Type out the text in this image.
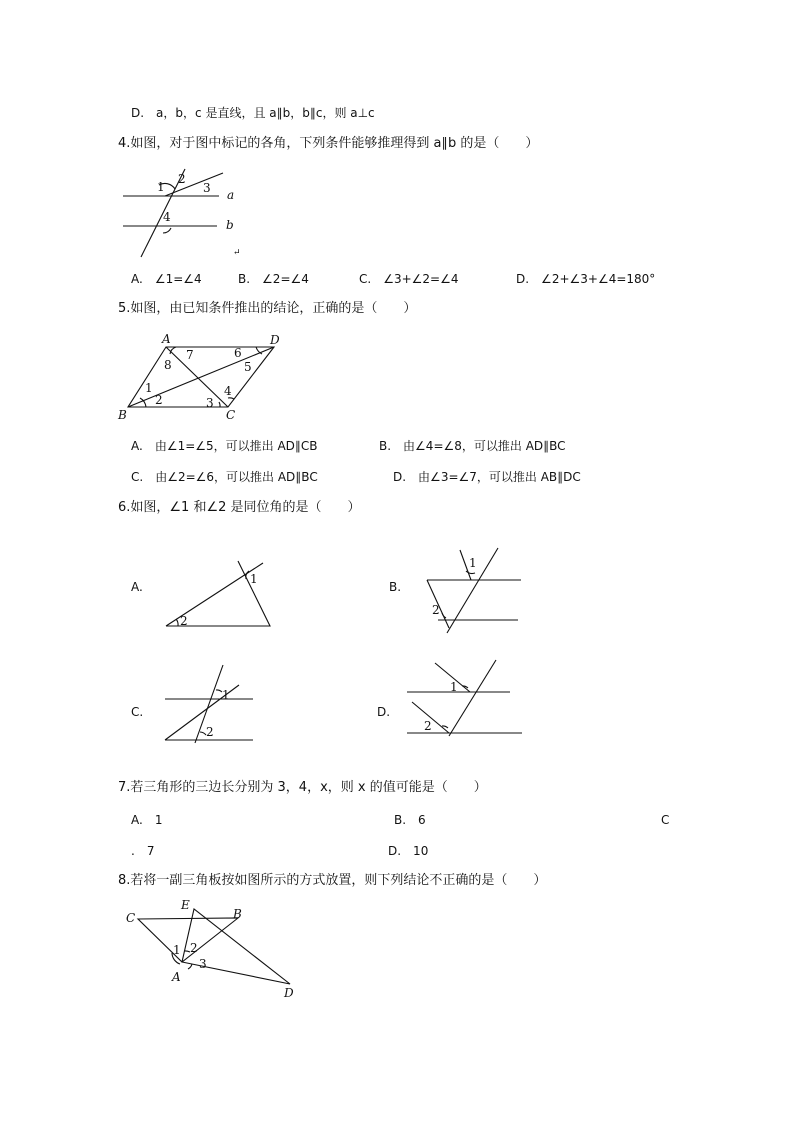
D.　a，b，c 是直线，且 a∥b，b∥c，则 a⊥c
4.如图，对于图中标记的各角，下列条件能够推理得到 a∥b 的是（　　）
1
2
3
4
a
b
↵
A.　∠1=∠4	B.　∠2=∠4	C.　∠3+∠2=∠4	D.　∠2+∠3+∠4=180°
5.如图，由已知条件推出的结论，正确的是（　　）
A	D
B	C
7
8
6
5
1
2	3
4
A.　由∠1=∠5，可以推出 AD∥CB	B.　由∠4=∠8，可以推出 AD∥BC
C.　由∠2=∠6，可以推出 AD∥BC	D.　由∠3=∠7，可以推出 AB∥DC
6.如图，∠1 和∠2 是同位角的是（　　）
A.
1
2
B.
1
2
C.
1
2
D.
1
2
7.若三角形的三边长分别为 3，4，x，则 x 的值可能是（　　）
A.　1	B.　6	C
.　7	D.　10
8.若将一副三角板按如图所示的方式放置，则下列结论不正确的是（　　）
C
E
B
A
D
1 2
3
